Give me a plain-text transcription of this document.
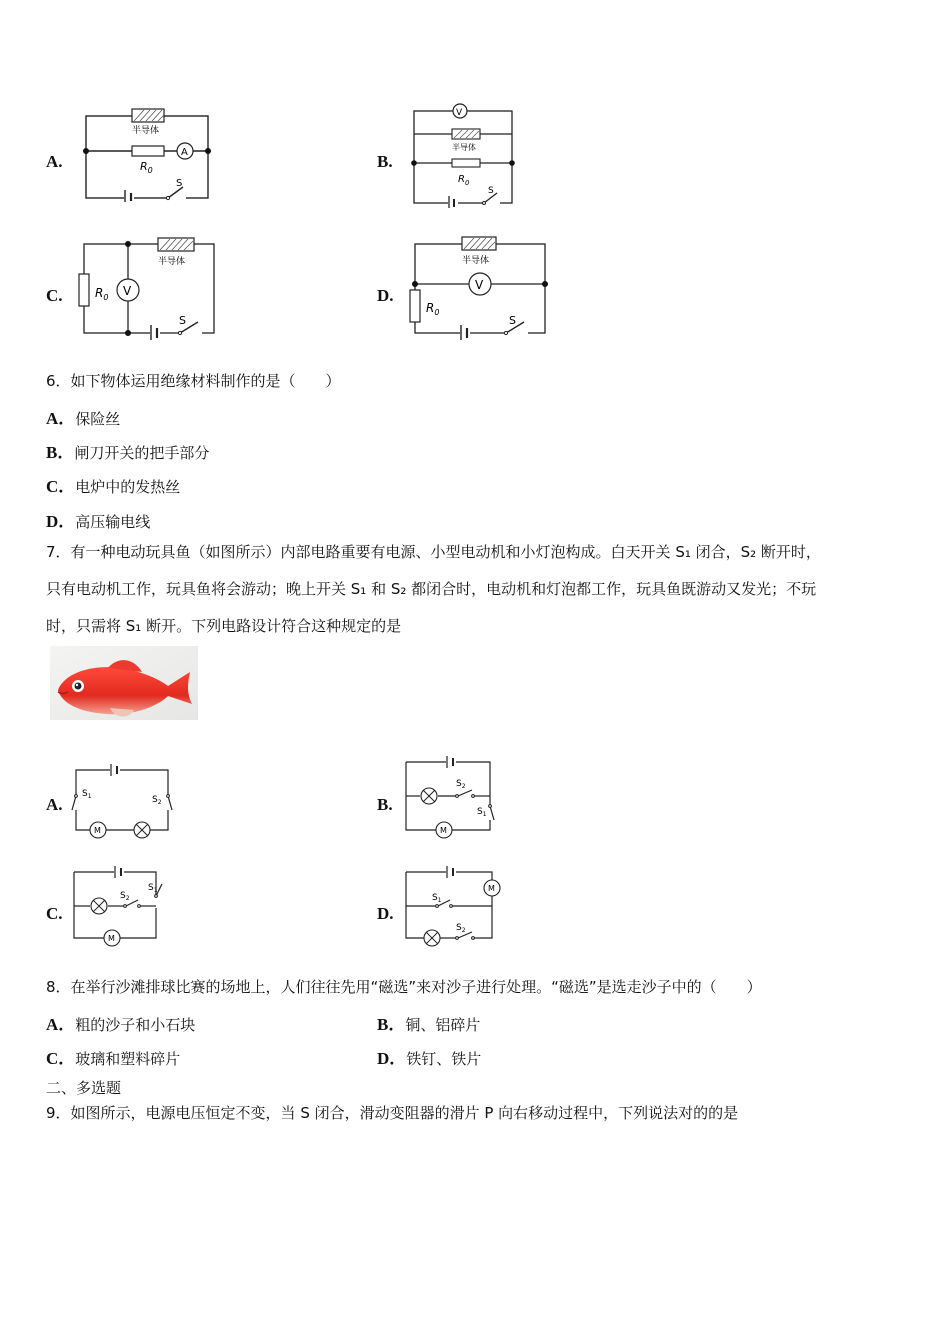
A.
半导体
$R_0$
A
S
B.
V
半导体
$R_0$
S
C.
半导体
$R_0$ V
S
D.
半导体
V
$R_0$
S
6．如下物体运用绝缘材料制作的是（　　）
A．保险丝
B．闸刀开关的把手部分
C．电炉中的发热丝
D．高压输电线
7．有一种电动玩具鱼（如图所示）内部电路重要有电源、小型电动机和小灯泡构成。白天开关 S₁ 闭合，S₂ 断开时，
只有电动机工作，玩具鱼将会游动；晚上开关 S₁ 和 S₂ 都闭合时，电动机和灯泡都工作，玩具鱼既游动又发光；不玩
时，只需将 S₁ 断开。下列电路设计符合这种规定的是
A.
$S_1$	$S_2$
M
B.
$S_2$
$S_1$
M
C.
$S_2$
$S_1$
M
D.
M
$S_1$
$S_2$
8．在举行沙滩排球比赛的场地上，人们往往先用“磁选”来对沙子进行处理。“磁选”是选走沙子中的（　　）
A．粗的沙子和小石块	B．铜、铝碎片
C．玻璃和塑料碎片	D．铁钉、铁片
二、多选题
9．如图所示，电源电压恒定不变，当 S 闭合，滑动变阻器的滑片 P 向右移动过程中，下列说法对的的是
